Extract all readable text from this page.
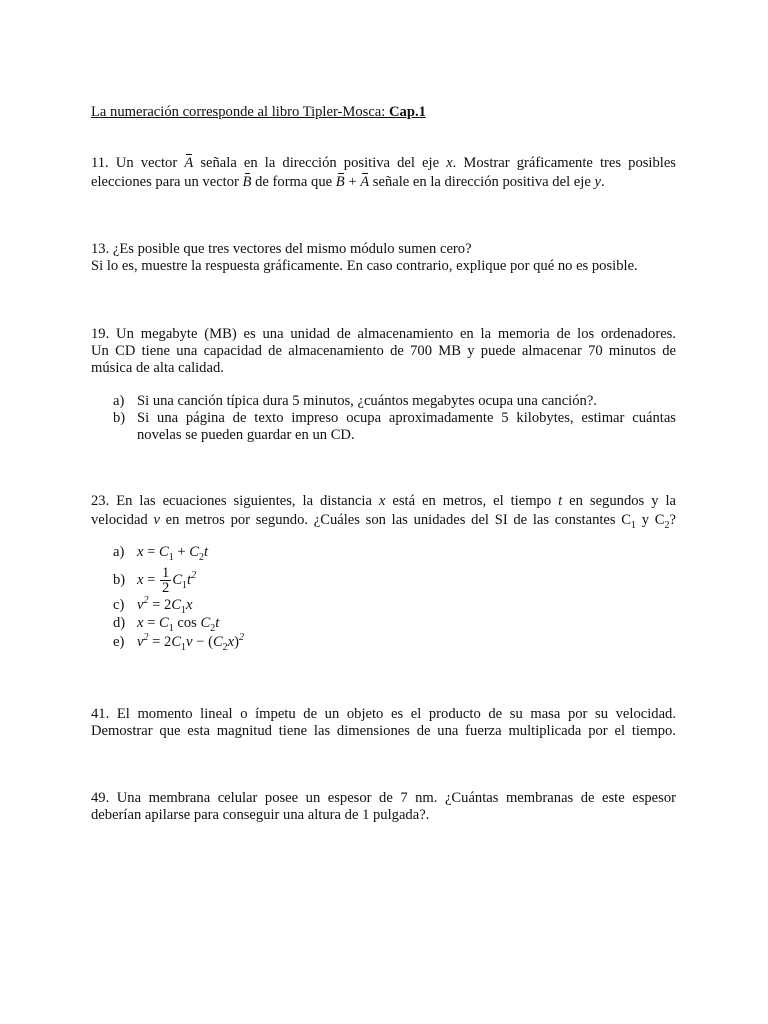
La numeración corresponde al libro Tipler-Mosca: Cap.1
11. Un vector A señala en la dirección positiva del eje x. Mostrar gráficamente tres posibles
elecciones para un vector B de forma que B + A señale en la dirección positiva del eje y.
13. ¿Es posible que tres vectores del mismo módulo sumen cero?
Si lo es, muestre la respuesta gráficamente. En caso contrario, explique por qué no es posible.
19. Un megabyte (MB) es una unidad de almacenamiento en la memoria de los ordenadores.
Un CD tiene una capacidad de almacenamiento de 700 MB y puede almacenar 70 minutos de
música de alta calidad.
a) Si una canción típica dura 5 minutos, ¿cuántos megabytes ocupa una canción?.
b) Si una página de texto impreso ocupa aproximadamente 5 kilobytes, estimar cuántas novelas se pueden guardar en un CD.
23. En las ecuaciones siguientes, la distancia x está en metros, el tiempo t en segundos y la
velocidad v en metros por segundo. ¿Cuáles son las unidades del SI de las constantes $C_1$ y $C_2$?
a) $x = C_1 + C_2t$
b) $x = \frac{1}{2} C_1t^2$
c) $v^2 = 2C_1x$
d) $x = C_1$ $\cos C_2t$
e) $v^2 = 2C_1v - (C_2x)^2$
41. El momento lineal o ímpetu de un objeto es el producto de su masa por su velocidad.
Demostrar que esta magnitud tiene las dimensiones de una fuerza multiplicada por el tiempo.
49. Una membrana celular posee un espesor de 7 nm. ¿Cuántas membranas de este espesor
deberían apilarse para conseguir una altura de 1 pulgada?.
